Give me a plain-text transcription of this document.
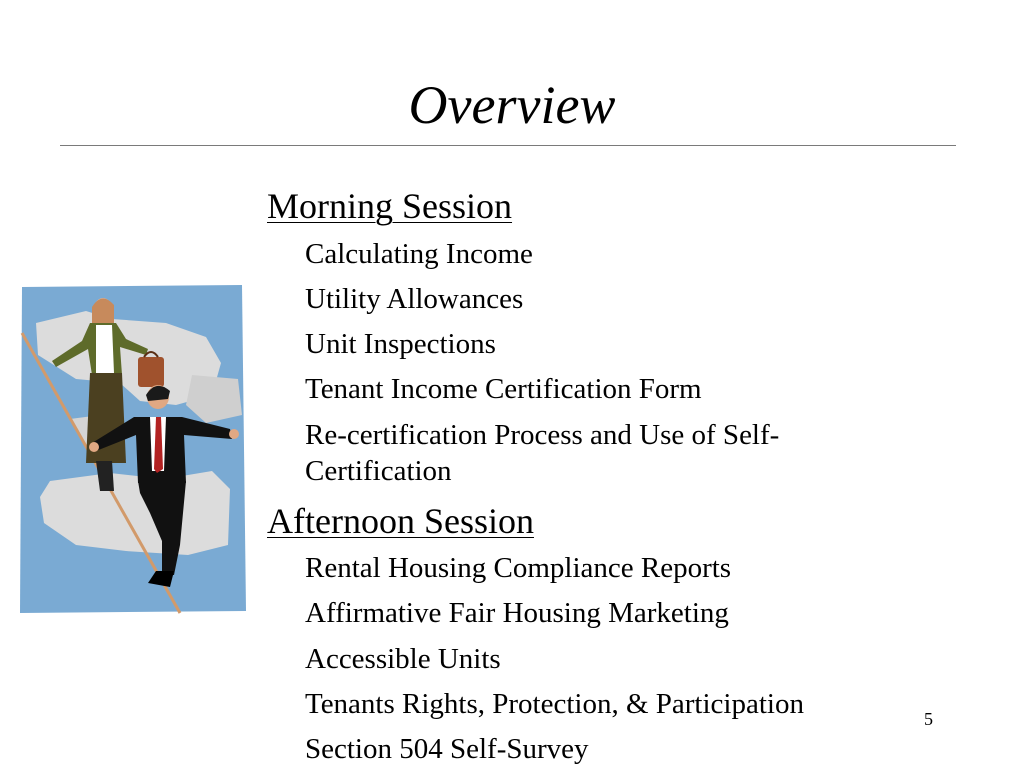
Overview
Morning Session
Calculating Income
Utility Allowances
Unit Inspections
Tenant Income Certification Form
Re-certification Process and Use of Self-Certification
Afternoon Session
Rental Housing Compliance Reports
Affirmative Fair Housing Marketing
Accessible Units
Tenants Rights, Protection, & Participation
Section 504 Self-Survey
5
